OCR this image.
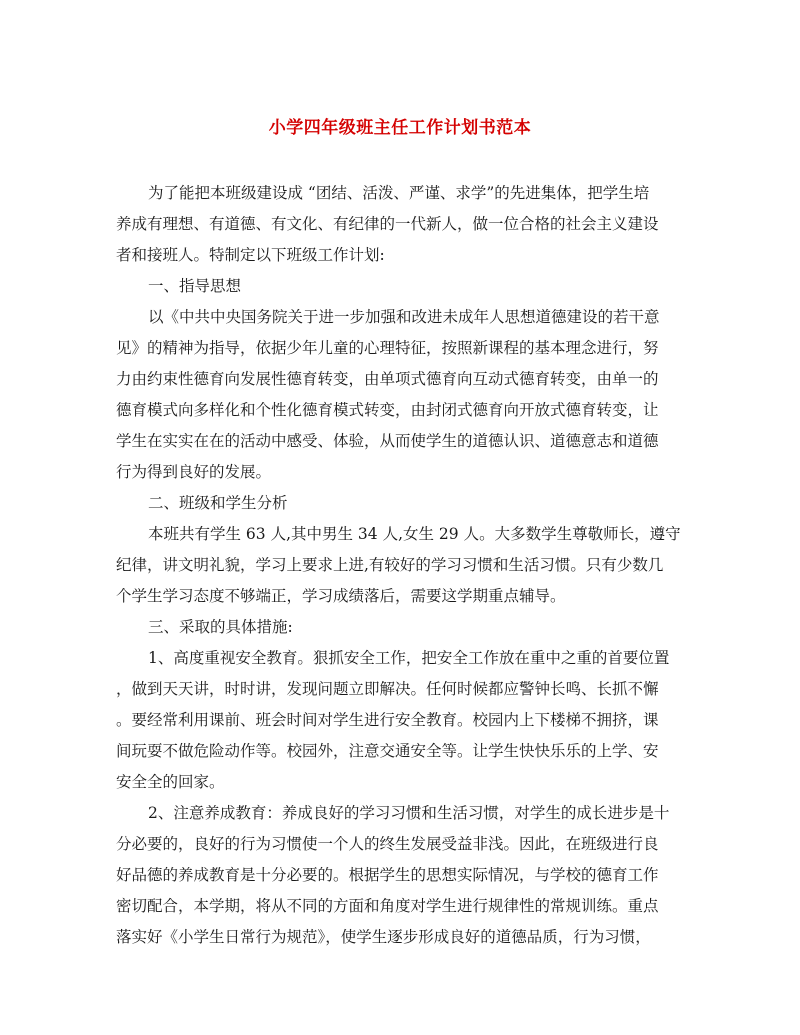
小学四年级班主任工作计划书范本
为了能把本班级建设成 “团结、活泼、严谨、求学”的先进集体，把学生培
养成有理想、有道德、有文化、有纪律的一代新人，做一位合格的社会主义建设
者和接班人。特制定以下班级工作计划:
一、指导思想
以《中共中央国务院关于进一步加强和改进未成年人思想道德建设的若干意
见》的精神为指导，依据少年儿童的心理特征，按照新课程的基本理念进行，努
力由约束性德育向发展性德育转变，由单项式德育向互动式德育转变，由单一的
德育模式向多样化和个性化德育模式转变，由封闭式德育向开放式德育转变，让
学生在实实在在的活动中感受、体验，从而使学生的道德认识、道德意志和道德
行为得到良好的发展。
二、班级和学生分析
本班共有学生 63 人,其中男生 34 人,女生 29 人。大多数学生尊敬师长，遵守
纪律，讲文明礼貌，学习上要求上进,有较好的学习习惯和生活习惯。只有少数几
个学生学习态度不够端正，学习成绩落后，需要这学期重点辅导。
三、采取的具体措施:
1、高度重视安全教育。狠抓安全工作，把安全工作放在重中之重的首要位置
，做到天天讲，时时讲，发现问题立即解决。任何时候都应警钟长鸣、长抓不懈
。要经常利用课前、班会时间对学生进行安全教育。校园内上下楼梯不拥挤，课
间玩耍不做危险动作等。校园外，注意交通安全等。让学生快快乐乐的上学、安
安全全的回家。
2、注意养成教育：养成良好的学习习惯和生活习惯，对学生的成长进步是十
分必要的，良好的行为习惯使一个人的终生发展受益非浅。因此，在班级进行良
好品德的养成教育是十分必要的。根据学生的思想实际情况，与学校的德育工作
密切配合，本学期，将从不同的方面和角度对学生进行规律性的常规训练。重点
落实好《小学生日常行为规范》，使学生逐步形成良好的道德品质，行为习惯，
